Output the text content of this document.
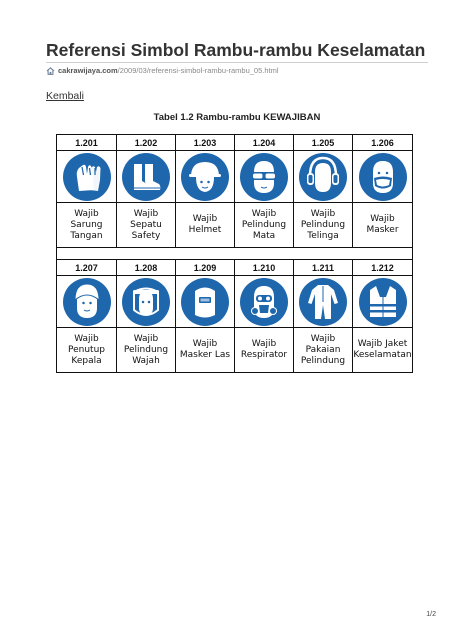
Referensi Simbol Rambu-rambu Keselamatan
cakrawijaya.com /2009/03/referensi-simbol-rambu-rambu_05.html
Kembali
Tabel 1.2 Rambu-rambu KEWAJIBAN
1.201	1.202	1.203	1.204	1.205	1.206

Wajib
Sarung
Tangan	Wajib
Sepatu
Safety	Wajib
Helmet	Wajib
Pelindung
Mata	Wajib
Pelindung
Telinga	Wajib
Masker

1.207	1.208	1.209	1.210	1.211	1.212

Wajib
Penutup
Kepala	Wajib
Pelindung
Wajah	Wajib
Masker Las	Wajib
Respirator	Wajib
Pakaian
Pelindung	Wajib Jaket
Keselamatan
1/2
